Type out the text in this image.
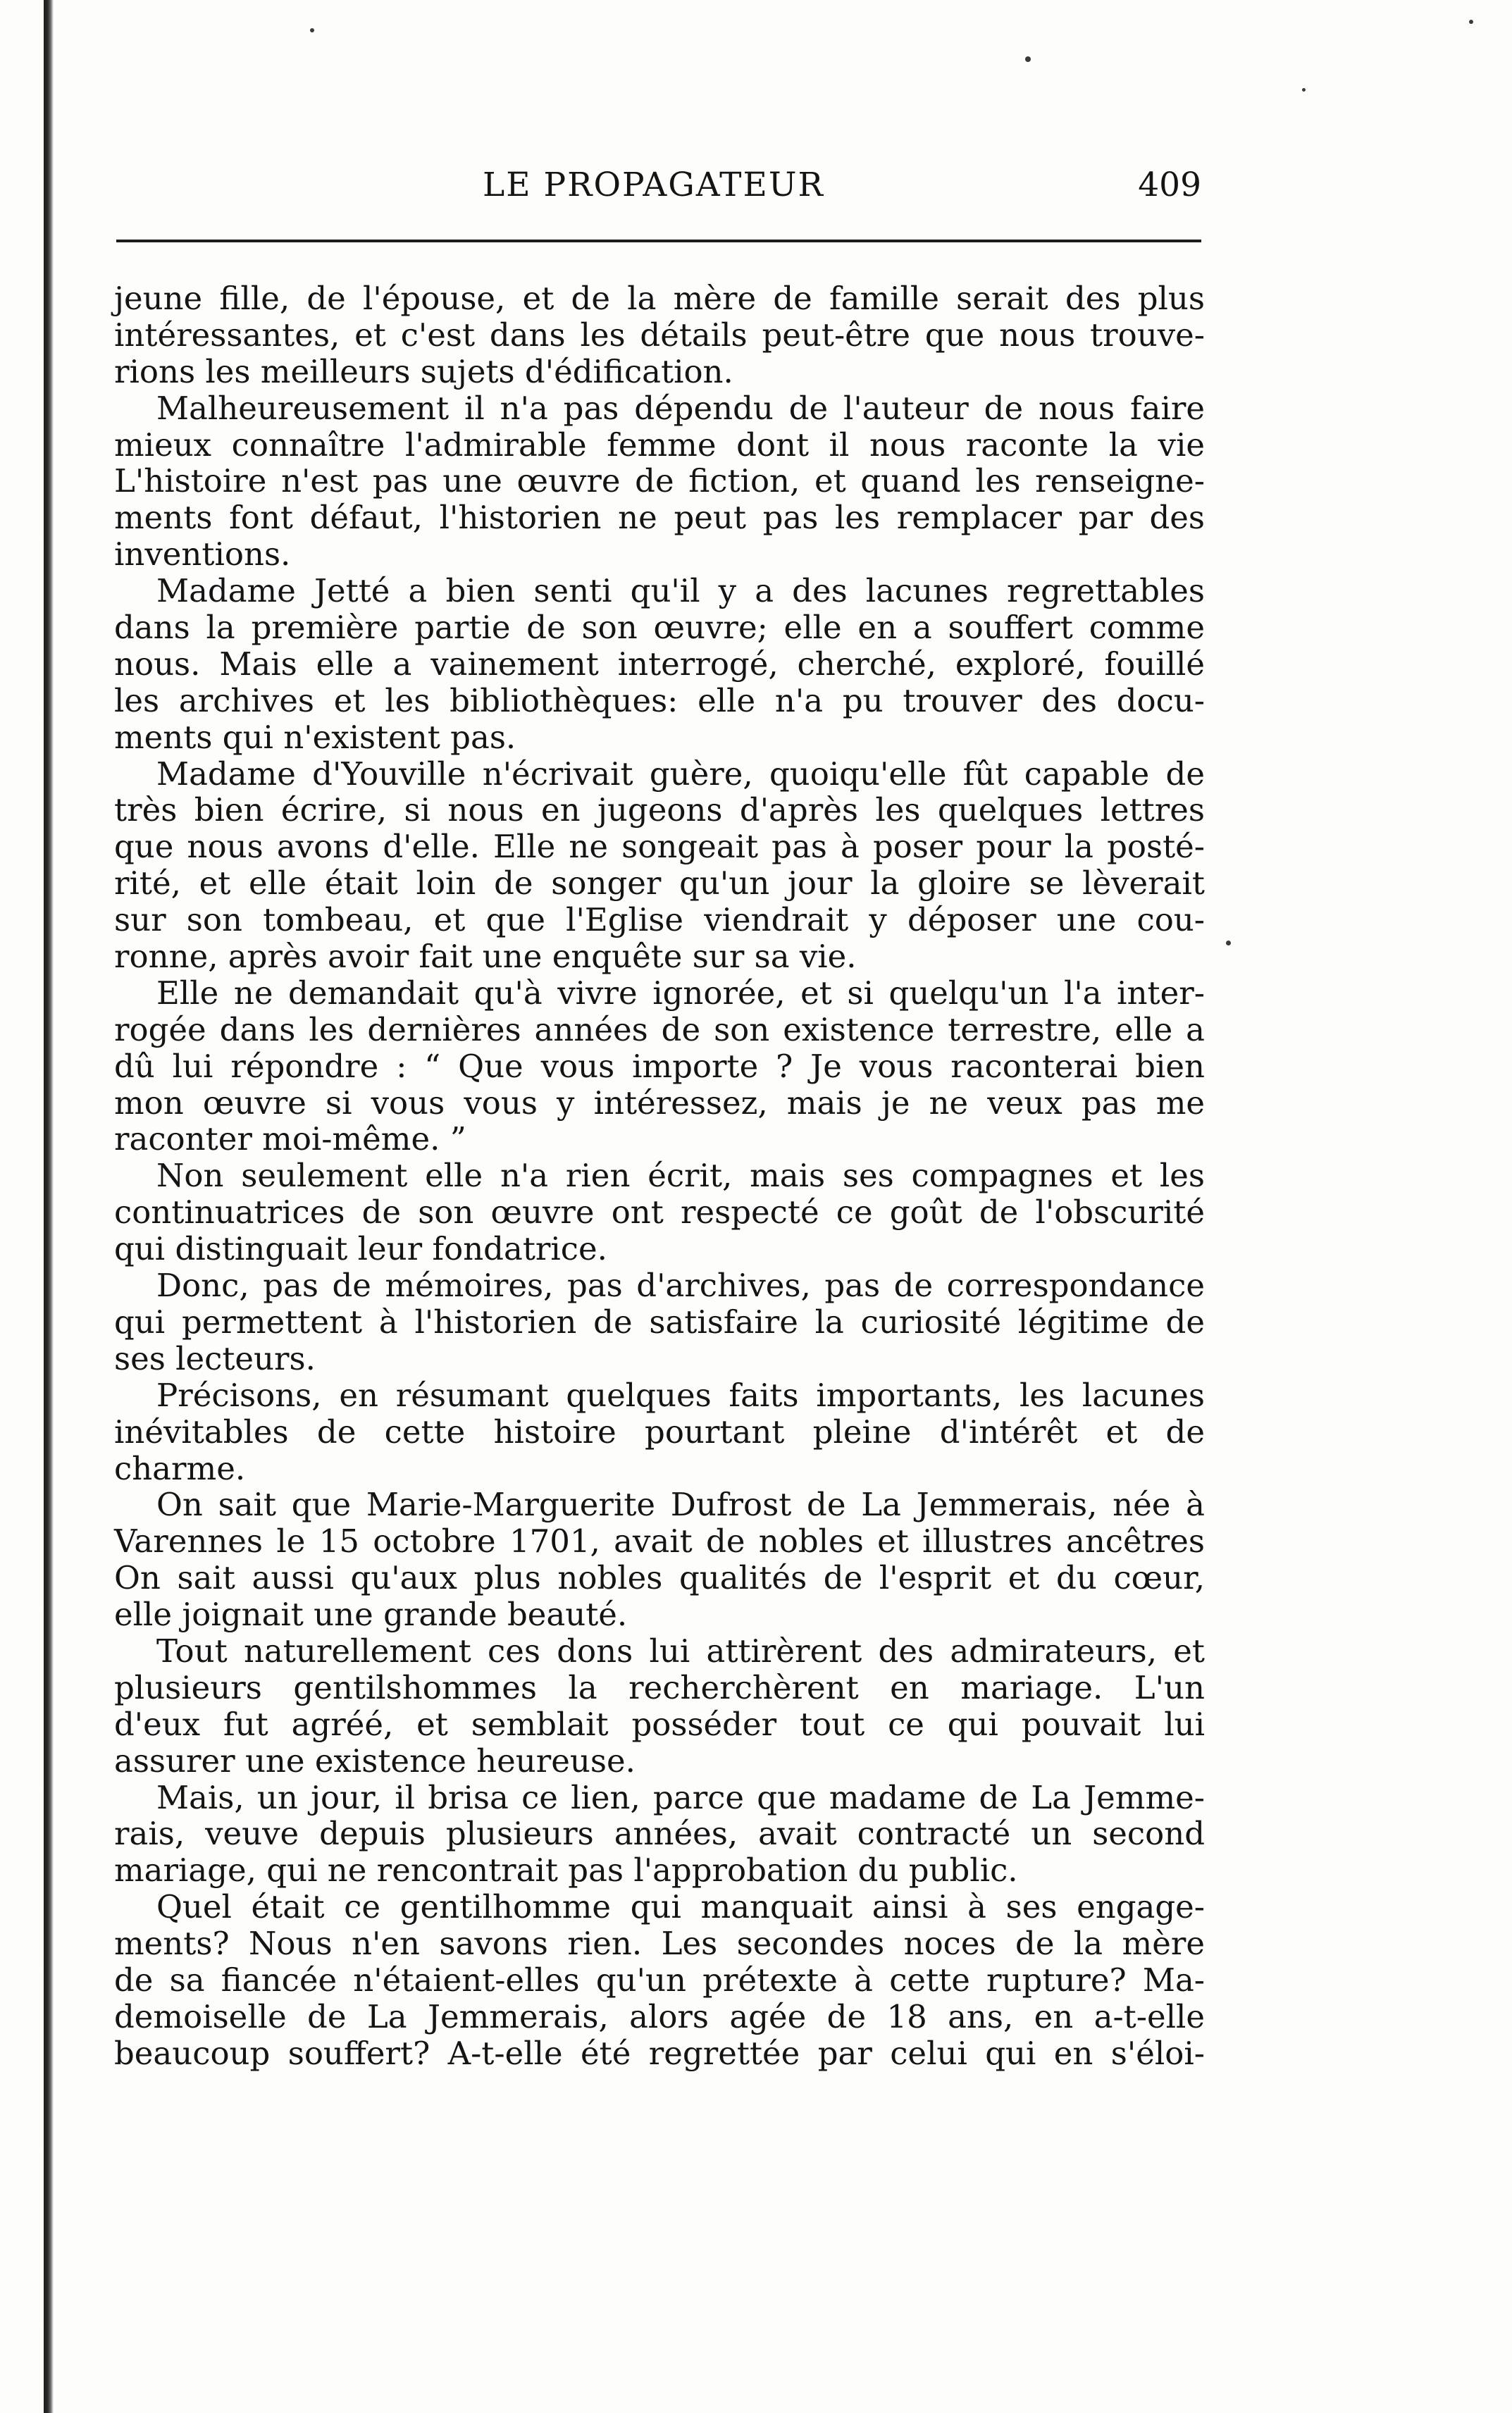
LE PROPAGATEUR	409
jeune fille, de l'épouse, et de la mère de famille serait des plus
intéressantes, et c'est dans les détails peut-être que nous trouve-
rions les meilleurs sujets d'édification.
Malheureusement il n'a pas dépendu de l'auteur de nous faire
mieux connaître l'admirable femme dont il nous raconte la vie
L'histoire n'est pas une œuvre de fiction, et quand les renseigne-
ments font défaut, l'historien ne peut pas les remplacer par des
inventions.
Madame Jetté a bien senti qu'il y a des lacunes regrettables
dans la première partie de son œuvre; elle en a souffert comme
nous. Mais elle a vainement interrogé, cherché, exploré, fouillé
les archives et les bibliothèques: elle n'a pu trouver des docu-
ments qui n'existent pas.
Madame d'Youville n'écrivait guère, quoiqu'elle fût capable de
très bien écrire, si nous en jugeons d'après les quelques lettres
que nous avons d'elle. Elle ne songeait pas à poser pour la posté-
rité, et elle était loin de songer qu'un jour la gloire se lèverait
sur son tombeau, et que l'Eglise viendrait y déposer une cou-
ronne, après avoir fait une enquête sur sa vie.
Elle ne demandait qu'à vivre ignorée, et si quelqu'un l'a inter-
rogée dans les dernières années de son existence terrestre, elle a
dû lui répondre : “ Que vous importe ? Je vous raconterai bien
mon œuvre si vous vous y intéressez, mais je ne veux pas me
raconter moi-même. ”
Non seulement elle n'a rien écrit, mais ses compagnes et les
continuatrices de son œuvre ont respecté ce goût de l'obscurité
qui distinguait leur fondatrice.
Donc, pas de mémoires, pas d'archives, pas de correspondance
qui permettent à l'historien de satisfaire la curiosité légitime de
ses lecteurs.
Précisons, en résumant quelques faits importants, les lacunes
inévitables de cette histoire pourtant pleine d'intérêt et de
charme.
On sait que Marie-Marguerite Dufrost de La Jemmerais, née à
Varennes le 15 octobre 1701, avait de nobles et illustres ancêtres
On sait aussi qu'aux plus nobles qualités de l'esprit et du cœur,
elle joignait une grande beauté.
Tout naturellement ces dons lui attirèrent des admirateurs, et
plusieurs gentilshommes la recherchèrent en mariage. L'un
d'eux fut agréé, et semblait posséder tout ce qui pouvait lui
assurer une existence heureuse.
Mais, un jour, il brisa ce lien, parce que madame de La Jemme-
rais, veuve depuis plusieurs années, avait contracté un second
mariage, qui ne rencontrait pas l'approbation du public.
Quel était ce gentilhomme qui manquait ainsi à ses engage-
ments? Nous n'en savons rien. Les secondes noces de la mère
de sa fiancée n'étaient-elles qu'un prétexte à cette rupture? Ma-
demoiselle de La Jemmerais, alors agée de 18 ans, en a-t-elle
beaucoup souffert? A-t-elle été regrettée par celui qui en s'éloi-
